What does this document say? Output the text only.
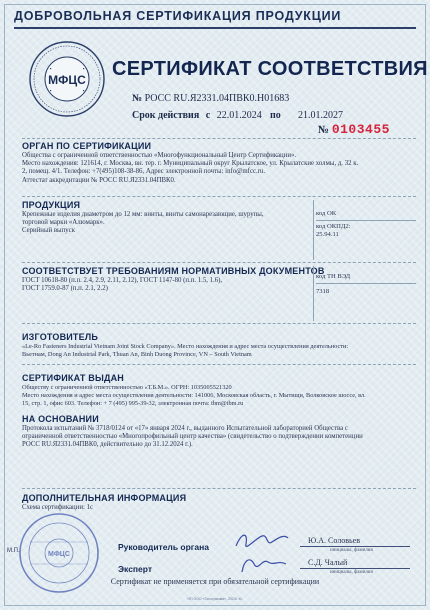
ДОБРОВОЛЬНАЯ СЕРТИФИКАЦИЯ ПРОДУКЦИИ
МФЦС СЕРТИФИКАТ СООТВЕТСТВИЯ
№ РОСС RU.Я2331.04ПВК0.Н01683
Срок действия с 22.01.2024 по 21.01.2027
№ 0103455
ОРГАН ПО СЕРТИФИКАЦИИ
Общества с ограниченной ответственностью «Многофункциональный Центр Сертификации».
Место нахождения: 121614, г. Москва, вн. тер. г. Муниципальный округ Крылатское, ул. Крылатские холмы, д. 32 к.
2, помещ. 4/1. Телефон: +7(495)108-38-86, Адрес электронной почты: info@mfcc.ru.
Аттестат аккредитации № РОСС RU.Я2331.04ПВК0.
ПРОДУКЦИЯ
Крепежные изделия диаметром до 12 мм: винты, винты самонарезающие, шурупы,
торговой марки «Алюмарк».
Серийный выпуск
код ОК
код ОКПД2:
25.94.11
СООТВЕТСТВУЕТ ТРЕБОВАНИЯМ НОРМАТИВНЫХ ДОКУМЕНТОВ
ГОСТ 10618-80 (п.п. 2.4, 2.9, 2.11, 2.12), ГОСТ 1147-80 (п.п. 1.5, 1.6),
ГОСТ 1759.0-87 (п.п. 2.1, 2.2)
код ТН ВЭД
7318
ИЗГОТОВИТЕЛЬ
«Le-Ro Fasteners Industrial Vietnam Joint Stock Company». Место нахождения и адрес места осуществления деятельности:
Вьетнам, Dong An Industrial Park, Thuan An, Binh Duong Province, VN – South Vietnam
СЕРТИФИКАТ ВЫДАН
Обществу с ограниченной ответственностью «Т.Б.М.». ОГРН: 1035005521320
Место нахождения и адрес места осуществления деятельности: 141006, Московская область, г. Мытищи, Волковское шоссе, вл.
15, стр. 1, офис 603. Телефон: + 7 (495) 995-39-32, электронная почта: tbm@tbm.ru
НА ОСНОВАНИИ
Протокола испытаний № 3718/0124 от «17» января 2024 г., выданного Испытательной лабораторией Общества с
ограниченной ответственностью «Многопрофильный центр качества» (свидетельство о подтверждении компетенции
РОСС RU.Я2331.04ПВК0, действительно до 31.12.2024 г.).
ДОПОЛНИТЕЛЬНАЯ ИНФОРМАЦИЯ
Схема сертификации: 1с
МФЦС
М.П.	Руководитель органа
Ю.А. Соловьев
инициалы, фамилия
Эксперт
С.Д. Чалый
инициалы, фамилия
Сертификат не применяется при обязательной сертификации
НП ООО «Голограмма», 2023г. М.
